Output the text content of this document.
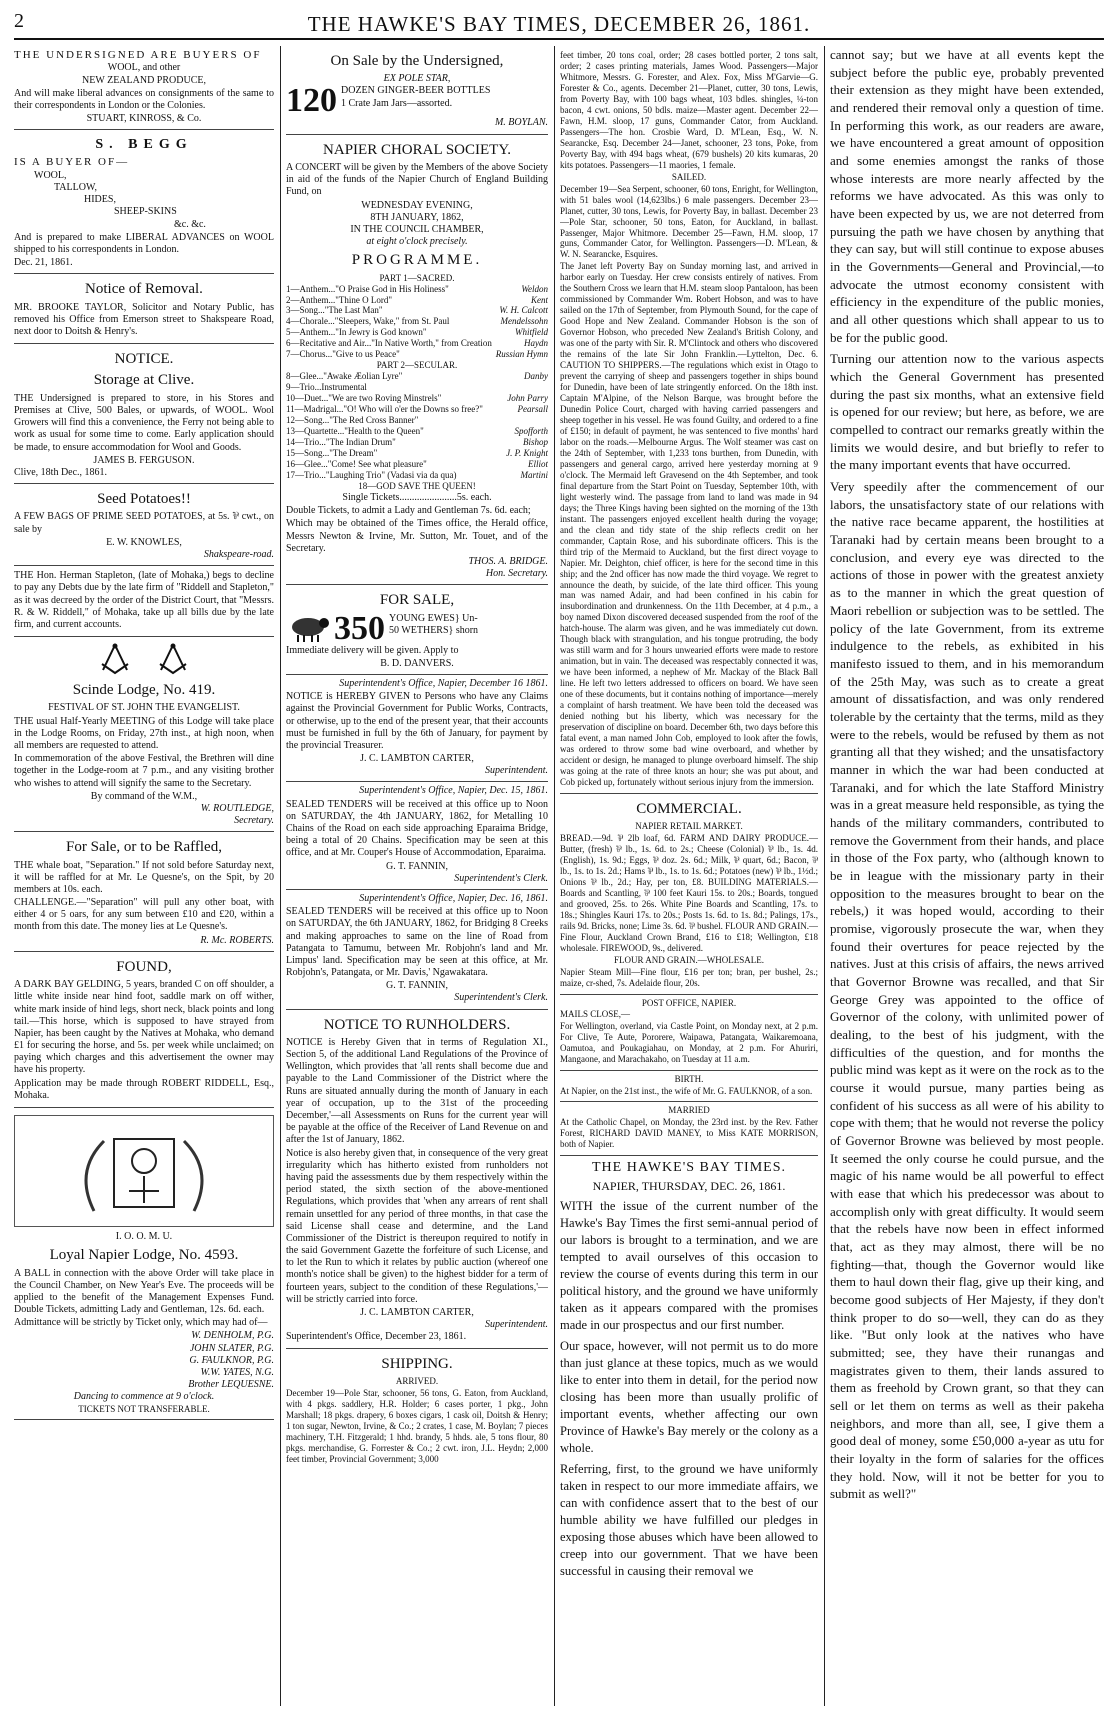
2	THE HAWKE'S BAY TIMES, DECEMBER 26, 1861.
THE UNDERSIGNED ARE BUYERS OF
WOOL, and other
NEW ZEALAND PRODUCE,

And will make liberal advances on consignments of the same to their correspondents in London or the Colonies.

STUART, KINROSS, & Co.
S. BEGG
IS A BUYER OF—
WOOL,
TALLOW,
HIDES,
SHEEP-SKINS
&c. &c.

And is prepared to make LIBERAL ADVANCES on WOOL shipped to his correspondents in London.

Dec. 21, 1861.
Notice of Removal.

MR. BROOKE TAYLOR, Solicitor and Notary Public, has removed his Office from Emerson street to Shakspeare Road, next door to Doitsh & Henry's.

NOTICE.
Storage at Clive.

THE Undersigned is prepared to store, in his Stores and Premises at Clive, 500 Bales, or upwards, of WOOL. Wool Growers will find this a convenience, the Ferry not being able to work as usual for some time to come. Early application should be made, to ensure accommodation for Wool and Goods.

JAMES B. FERGUSON.
Clive, 18th Dec., 1861.
Seed Potatoes!!

A FEW BAGS OF PRIME SEED POTATOES, at 5s. ⅌ cwt., on sale by

E. W. KNOWLES,
Shakspeare-road.

THE Hon. Herman Stapleton, (late of Mohaka,) begs to decline to pay any Debts due by the late firm of "Riddell and Stapleton," as it was decreed by the order of the District Court, that "Messrs. R. & W. Riddell," of Mohaka, take up all bills due by the late firm, and current accounts.

Scinde Lodge, No. 419.
FESTIVAL OF ST. JOHN THE EVANGELIST.

THE usual Half-Yearly MEETING of this Lodge will take place in the Lodge Rooms, on Friday, 27th inst., at high noon, when all members are requested to attend.

In commemoration of the above Festival, the Brethren will dine together in the Lodge-room at 7 p.m., and any visiting brother who wishes to attend will signify the same to the Secretary.

By command of the W.M.,
W. ROUTLEDGE,
Secretary.
For Sale, or to be Raffled,

THE whale boat, "Separation." If not sold before Saturday next, it will be raffled for at Mr. Le Quesne's, on the Spit, by 20 members at 10s. each.

CHALLENGE.—"Separation" will pull any other boat, with either 4 or 5 oars, for any sum between £10 and £20, within a month from this date. The money lies at Le Quesne's.

R. Mc. ROBERTS.
FOUND,

A DARK BAY GELDING, 5 years, branded C on off shoulder, a little white inside near hind foot, saddle mark on off wither, white mark inside of hind legs, short neck, black points and long tail.—This horse, which is supposed to have strayed from Napier, has been caught by the Natives at Mohaka, who demand £1 for securing the horse, and 5s. per week while unclaimed; on paying which charges and this advertisement the owner may have his property.

Application may be made through ROBERT RIDDELL, Esq., Mohaka.

I. O. O. M. U.
Loyal Napier Lodge, No. 4593.

A BALL in connection with the above Order will take place in the Council Chamber, on New Year's Eve. The proceeds will be applied to the benefit of the Management Expenses Fund. Double Tickets, admitting Lady and Gentleman, 12s. 6d. each.

Admittance will be strictly by Ticket only, which may had of—

W. DENHOLM, P.G.
JOHN SLATER, P.G.
G. FAULKNOR, P.G.
W.W. YATES, N.G.
Brother LEQUESNE.
Dancing to commence at 9 o'clock.
TICKETS NOT TRANSFERABLE.
On Sale by the Undersigned,
EX POLE STAR,
120 DOZEN GINGER-BEER BOTTLES
1 Crate Jam Jars—assorted.
M. BOYLAN.
NAPIER CHORAL SOCIETY.

A CONCERT will be given by the Members of the above Society in aid of the funds of the Napier Church of England Building Fund, on

WEDNESDAY EVENING,
8TH JANUARY, 1862,
IN THE COUNCIL CHAMBER,
at eight o'clock precisely.
PROGRAMME.
PART 1—SACRED.
1—Anthem..."O Praise God in His Holiness"	Weldon
2—Anthem..."Thine O Lord"	Kent
3—Song..."The Last Man"	W. H. Calcott
4—Chorale..."Sleepers, Wake," from St. Paul	Mendelssohn
5—Anthem..."In Jewry is God known"	Whitfield
6—Recitative and Air..."In Native Worth," from Creation	Haydn
7—Chorus..."Give to us Peace"	Russian Hymn
PART 2—SECULAR.
8—Glee..."Awake Æolian Lyre"	Danby
9—Trio...Instrumental
10—Duet..."We are two Roving Minstrels"	John Parry
11—Madrigal..."O! Who will o'er the Downs so free?"	Pearsall
12—Song..."The Red Cross Banner"
13—Quartette..."Health to the Queen"	Spofforth
14—Trio..."The Indian Drum"	Bishop
15—Song..."The Dream"	J. P. Knight
16—Glee..."Come! See what pleasure"	Elliot
17—Trio..."Laughing Trio" (Vadasi via da qua)	Martini
18—GOD SAVE THE QUEEN!
Single Tickets.......................5s. each.

Double Tickets, to admit a Lady and Gentleman 7s. 6d. each;

Which may be obtained of the Times office, the Herald office, Messrs Newton & Irvine, Mr. Sutton, Mr. Touet, and of the Secretary.

THOS. A. BRIDGE.
Hon. Secretary.
FOR SALE,
350 YOUNG EWES} Un-
50 WETHERS} shorn

Immediate delivery will be given. Apply to

B. D. DANVERS.
Superintendent's Office, Napier, December 16 1861.

NOTICE is HEREBY GIVEN to Persons who have any Claims against the Provincial Government for Public Works, Contracts, or otherwise, up to the end of the present year, that their accounts must be furnished in full by the 6th of January, for payment by the provincial Treasurer.

J. C. LAMBTON CARTER,
Superintendent.
Superintendent's Office, Napier, Dec. 15, 1861.

SEALED TENDERS will be received at this office up to Noon on SATURDAY, the 4th JANUARY, 1862, for Metalling 10 Chains of the Road on each side approaching Eparaima Bridge, being a total of 20 Chains. Specification may be seen at this office, and at Mr. Couper's House of Accommodation, Eparaima.

G. T. FANNIN,
Superintendent's Clerk.
Superintendent's Office, Napier, Dec. 16, 1861.

SEALED TENDERS will be received at this office up to Noon on SATURDAY, the 6th JANUARY, 1862, for Bridging 8 Creeks and making approaches to same on the line of Road from Patangata to Tamumu, between Mr. Robjohn's land and Mr. Limpus' land. Specification may be seen at this office, at Mr. Robjohn's, Patangata, or Mr. Davis,' Ngawakatara.

G. T. FANNIN,
Superintendent's Clerk.
NOTICE TO RUNHOLDERS.

NOTICE is Hereby Given that in terms of Regulation XI., Section 5, of the additional Land Regulations of the Province of Wellington, which provides that 'all rents shall become due and payable to the Land Commissioner of the District where the Runs are situated annually during the month of January in each year of occupation, up to the 31st of the proceeding December,'—all Assessments on Runs for the current year will be payable at the office of the Receiver of Land Revenue on and after the 1st of January, 1862.

Notice is also hereby given that, in consequence of the very great irregularity which has hitherto existed from runholders not having paid the assessments due by them respectively within the period stated, the sixth section of the above-mentioned Regulations, which provides that 'when any arrears of rent shall remain unsettled for any period of three months, in that case the said License shall cease and determine, and the Land Commissioner of the District is thereupon required to notify in the said Government Gazette the forfeiture of such License, and to let the Run to which it relates by public auction (whereof one month's notice shall be given) to the highest bidder for a term of fourteen years, subject to the condition of these Regulations,'—will be strictly carried into force.

J. C. LAMBTON CARTER,
Superintendent.
Superintendent's Office, December 23, 1861.
SHIPPING.
ARRIVED.

December 19—Pole Star, schooner, 56 tons, G. Eaton, from Auckland, with 4 pkgs. saddlery, H.R. Holder; 6 cases porter, 1 pkg., John Marshall; 18 pkgs. drapery, 6 boxes cigars, 1 cask oil, Doitsh & Henry; 1 ton sugar, Newton, Irvine, & Co.; 2 crates, 1 case, M. Boylan; 7 pieces machinery, T.H. Fitzgerald; 1 hhd. brandy, 5 hhds. ale, 5 tons flour, 80 pkgs. merchandise, G. Forrester & Co.; 2 cwt. iron, J.L. Heydn; 2,000 feet timber, Provincial Government; 3,000

feet timber, 20 tons coal, order; 28 cases bottled porter, 2 tons salt, order; 2 cases printing materials, James Wood. Passengers—Major Whitmore, Messrs. G. Forester, and Alex. Fox, Miss M'Garvie—G. Forester & Co., agents. December 21—Planet, cutter, 30 tons, Lewis, from Poverty Bay, with 100 bags wheat, 103 bdles. shingles, ¼-ton bacon, 4 cwt. onions, 50 bdls. maize—Master agent. December 22—Fawn, H.M. sloop, 17 guns, Commander Cator, from Auckland. Passengers—The hon. Crosbie Ward, D. M'Lean, Esq., W. N. Searancke, Esq. December 24—Janet, schooner, 23 tons, Poke, from Poverty Bay, with 494 bags wheat, (679 bushels) 20 kits kumaras, 20 kits potatoes. Passengers—11 maories, 1 female.

SAILED.

December 19—Sea Serpent, schooner, 60 tons, Enright, for Wellington, with 51 bales wool (14,623lbs.) 6 male passengers. December 23—Planet, cutter, 30 tons, Lewis, for Poverty Bay, in ballast. December 23—Pole Star, schooner, 50 tons, Eaton, for Auckland, in ballast. Passenger, Major Whitmore. December 25—Fawn, H.M. sloop, 17 guns, Commander Cator, for Wellington. Passengers—D. M'Lean, & W. N. Searancke, Esquires.

The Janet left Poverty Bay on Sunday morning last, and arrived in harbor early on Tuesday. Her crew consists entirely of natives. From the Southern Cross we learn that H.M. steam sloop Pantaloon, has been commissioned by Commander Wm. Robert Hobson, and was to have sailed on the 17th of September, from Plymouth Sound, for the cape of Good Hope and New Zealand. Commander Hobson is the son of Governor Hobson, who preceded New Zealand's British Colony, and was one of the party with Sir. R. M'Clintock and others who discovered the remains of the late Sir John Franklin.—Lyttelton, Dec. 6. CAUTION TO SHIPPERS.—The regulations which exist in Otago to prevent the carrying of sheep and passengers together in ships bound for Dunedin, have been of late stringently enforced. On the 18th inst. Captain M'Alpine, of the Nelson Barque, was brought before the Dunedin Police Court, charged with having carried passengers and sheep together in his vessel. He was found Guilty, and ordered to a fine of £150; in default of payment, he was sentenced to five months' hard labor on the roads.—Melbourne Argus. The Wolf steamer was cast on the 24th of September, with 1,233 tons burthen, from Dunedin, with passengers and general cargo, arrived here yesterday morning at 9 o'clock. The Mermaid left Gravesend on the 4th September, and took final departure from the Start Point on Tuesday, September 10th, with light westerly wind. The passage from land to land was made in 94 days; the Three Kings having been sighted on the morning of the 13th instant. The passengers enjoyed excellent health during the voyage; and the clean and tidy state of the ship reflects credit on her commander, Captain Rose, and his subordinate officers. This is the third trip of the Mermaid to Auckland, but the first direct voyage to Napier. Mr. Deighton, chief officer, is here for the second time in this ship; and the 2nd officer has now made the third voyage. We regret to announce the death, by suicide, of the late third officer. This young man was named Adair, and had been confined in his cabin for insubordination and drunkenness. On the 11th December, at 4 p.m., a boy named Dixon discovered deceased suspended from the roof of the hatch-house. The alarm was given, and he was immediately cut down. Though black with strangulation, and his tongue protruding, the body was still warm and for 3 hours unwearied efforts were made to restore animation, but in vain. The deceased was respectably connected it was, we have been informed, a nephew of Mr. Mackay of the Black Ball line. He left two letters addressed to officers on board. We have seen one of these documents, but it contains nothing of importance—merely a complaint of harsh treatment. We have been told the deceased was denied nothing but his liberty, which was necessary for the preservation of discipline on board. December 6th, two days before this fatal event, a man named John Cob, employed to look after the fowls, was ordered to throw some bad wine overboard, and whether by accident or design, he managed to plunge overboard himself. The ship was going at the rate of three knots an hour; she was put about, and Cob picked up, fortunately without serious injury from the immersion.

COMMERCIAL.
NAPIER RETAIL MARKET.

BREAD.—9d. ⅌ 2lb loaf, 6d. FARM AND DAIRY PRODUCE.—Butter, (fresh) ⅌ lb., 1s. 6d. to 2s.; Cheese (Colonial) ⅌ lb., 1s. 4d. (English), 1s. 9d.; Eggs, ⅌ doz. 2s. 6d.; Milk, ⅌ quart, 6d.; Bacon, ⅌ lb., 1s. to 1s. 2d.; Hams ⅌ lb., 1s. to 1s. 6d.; Potatoes (new) ⅌ lb., 1½d.; Onions ⅌ lb., 2d.; Hay, per ton, £8. BUILDING MATERIALS.—Boards and Scantling, ⅌ 100 feet Kauri 15s. to 20s.; Boards, tongued and grooved, 25s. to 26s. White Pine Boards and Scantling, 17s. to 18s.; Shingles Kauri 17s. to 20s.; Posts 1s. 6d. to 1s. 8d.; Palings, 17s., rails 9d. Bricks, none; Lime 3s. 6d. ⅌ bushel. FLOUR AND GRAIN.—Fine Flour, Auckland Crown Brand, £16 to £18; Wellington, £18 wholesale. FIREWOOD, 9s., delivered.

FLOUR AND GRAIN.—WHOLESALE.

Napier Steam Mill—Fine flour, £16 per ton; bran, per bushel, 2s.; maize, cr-shed, 7s. Adelaide flour, 20s.

POST OFFICE, NAPIER.
MAILS CLOSE,—

For Wellington, overland, via Castle Point, on Monday next, at 2 p.m. For Clive, Te Aute, Pororere, Waipawa, Patangata, Waikaremoana, Oamutoa, and Poukagiahau, on Monday, at 2 p.m. For Ahuriri, Mangaone, and Marachakaho, on Tuesday at 11 a.m.

BIRTH.

At Napier, on the 21st inst., the wife of Mr. G. FAULKNOR, of a son.

MARRIED

At the Catholic Chapel, on Monday, the 23rd inst. by the Rev. Father Forest, RICHARD DAVID MANEY, to Miss KATE MORRISON, both of Napier.

THE HAWKE'S BAY TIMES.
NAPIER, THURSDAY, DEC. 26, 1861.

WITH the issue of the current number of the Hawke's Bay Times the first semi-annual period of our labors is brought to a termination, and we are tempted to avail ourselves of this occasion to review the course of events during this term in our political history, and the ground we have uniformly taken as it appears compared with the promises made in our prospectus and our first number.

Our space, however, will not permit us to do more than just glance at these topics, much as we would like to enter into them in detail, for the period now closing has been more than usually prolific of important events, whether affecting our own Province of Hawke's Bay merely or the colony as a whole.

Referring, first, to the ground we have uniformly taken in respect to our more immediate affairs, we can with confidence assert that to the best of our humble ability we have fulfilled our pledges in exposing those abuses which have been allowed to creep into our government. That we have been successful in causing their removal we

cannot say; but we have at all events kept the subject before the public eye, probably prevented their extension as they might have been extended, and rendered their removal only a question of time. In performing this work, as our readers are aware, we have encountered a great amount of opposition and some enemies amongst the ranks of those whose interests are more nearly affected by the reforms we have advocated. As this was only to have been expected by us, we are not deterred from pursuing the path we have chosen by anything that they can say, but will still continue to expose abuses in the Governments—General and Provincial,—to advocate the utmost economy consistent with efficiency in the expenditure of the public monies, and all other questions which shall appear to us to be for the public good.

Turning our attention now to the various aspects which the General Government has presented during the past six months, what an extensive field is opened for our review; but here, as before, we are compelled to contract our remarks greatly within the limits we would desire, and but briefly to refer to the many important events that have occurred.

Very speedily after the commencement of our labors, the unsatisfactory state of our relations with the native race became apparent, the hostilities at Taranaki had by certain means been brought to a conclusion, and every eye was directed to the actions of those in power with the greatest anxiety as to the manner in which the great question of Maori rebellion or subjection was to be settled. The policy of the late Government, from its extreme indulgence to the rebels, as exhibited in his manifesto issued to them, and in his memorandum of the 25th May, was such as to create a great amount of dissatisfaction, and was only rendered tolerable by the certainty that the terms, mild as they were to the rebels, would be refused by them as not granting all that they wished; and the unsatisfactory manner in which the war had been conducted at Taranaki, and for which the late Stafford Ministry was in a great measure held responsible, as tying the hands of the military commanders, contributed to remove the Government from their hands, and place in those of the Fox party, who (although known to be in league with the missionary party in their opposition to the measures brought to bear on the rebels,) it was hoped would, according to their promise, vigorously prosecute the war, when they found their overtures for peace rejected by the natives. Just at this crisis of affairs, the news arrived that Governor Browne was recalled, and that Sir George Grey was appointed to the office of Governor of the colony, with unlimited power of dealing, to the best of his judgment, with the difficulties of the question, and for months the public mind was kept as it were on the rock as to the course it would pursue, many parties being as confident of his success as all were of his ability to cope with them; that he would not reverse the policy of Governor Browne was believed by most people. It seemed the only course he could pursue, and the magic of his name would be all powerful to effect with ease that which his predecessor was about to accomplish only with great difficulty. It would seem that the rebels have now been in effect informed that, act as they may almost, there will be no fighting—that, though the Governor would like them to haul down their flag, give up their king, and become good subjects of Her Majesty, if they don't think proper to do so—well, they can do as they like. "But only look at the natives who have submitted; see, they have their runangas and magistrates given to them, their lands assured to them as freehold by Crown grant, so that they can sell or let them on terms as well as their pakeha neighbors, and more than all, see, I give them a good deal of money, some £50,000 a-year as utu for their loyalty in the form of salaries for the offices they hold. Now, will it not be better for you to submit as well?"
